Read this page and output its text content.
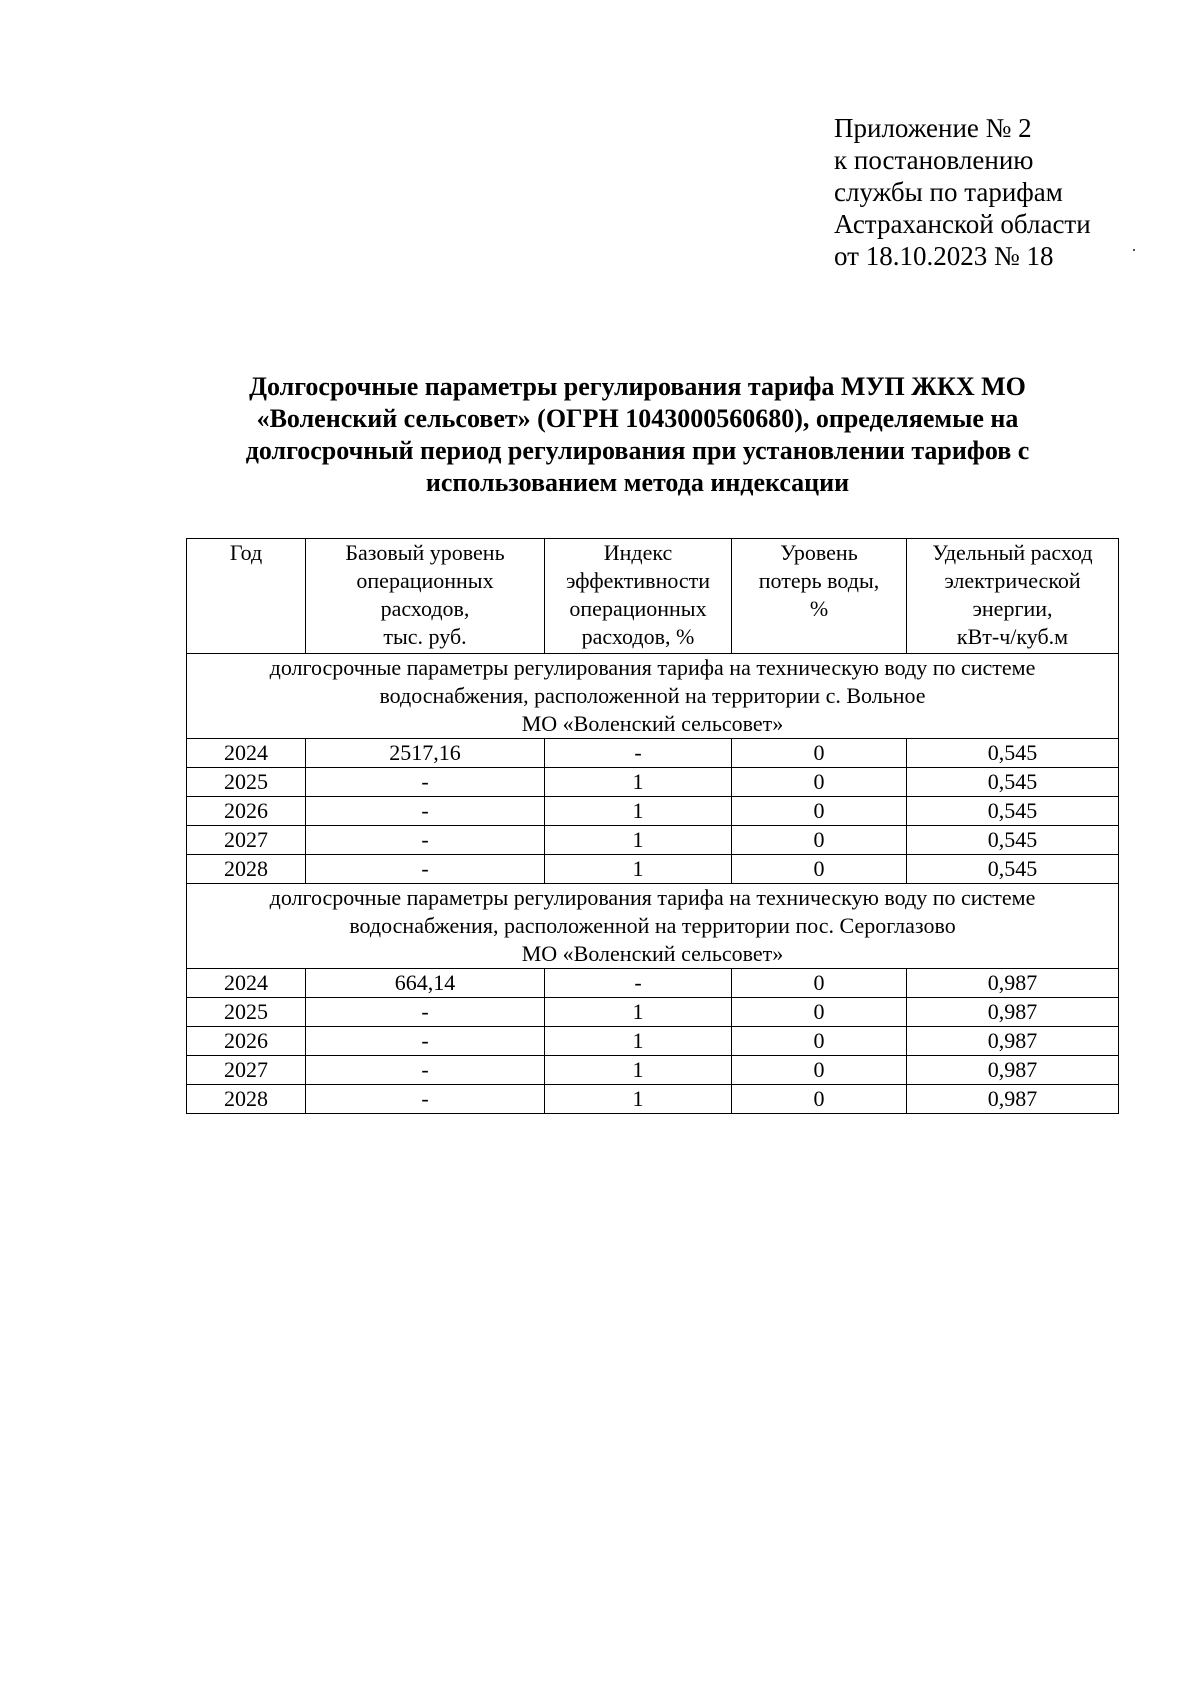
Приложение № 2
к постановлению
службы по тарифам
Астраханской области
от 18.10.2023 № 18
Долгосрочные параметры регулирования тарифа МУП ЖКХ МО
«Воленский сельсовет» (ОГРН 1043000560680), определяемые на
долгосрочный период регулирования при установлении тарифов с
использованием метода индексации
Год	Базовый уровень
операционных
расходов,
тыс. руб.	Индекс
эффективности
операционных
расходов, %	Уровень
потерь воды,
%	Удельный расход
электрической
энергии,
кВт-ч/куб.м

долгосрочные параметры регулирования тарифа на техническую воду по системе
водоснабжения, расположенной на территории с. Вольное
МО «Воленский сельсовет»				

2024	2517,16	-	0	0,545
2025	-	1	0	0,545
2026	-	1	0	0,545
2027	-	1	0	0,545
2028	-	1	0	0,545

долгосрочные параметры регулирования тарифа на техническую воду по системе
водоснабжения, расположенной на территории пос. Сероглазово
МО «Воленский сельсовет»				

2024	664,14	-	0	0,987
2025	-	1	0	0,987
2026	-	1	0	0,987
2027	-	1	0	0,987
2028	-	1	0	0,987
